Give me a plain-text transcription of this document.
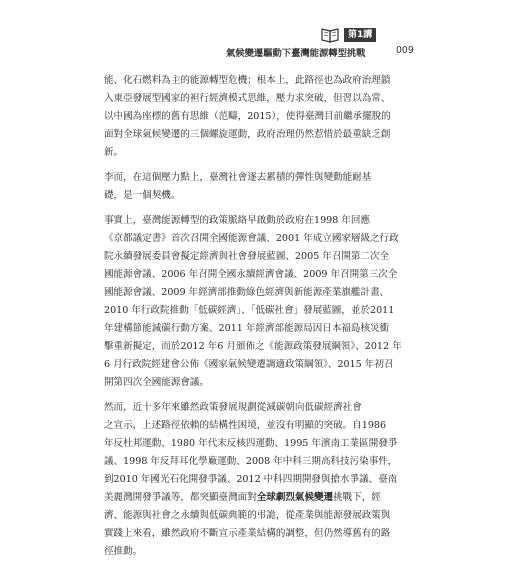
第1講
氣候變遷驅動下臺灣能源轉型挑戰	009

能、化石燃料為主的能源轉型危機；根本上，此路徑也為政府治理鎖
入東亞發展型國家的袒行經濟模式思維，壓力求突破，但習以為常、
以中國為座標的舊有思維（范疇，2015），使得臺灣目前繼承擺脫的
面對全球氣候變遷的三個螺旋運動，政府治理仍然惹惜於最重缺乏創
新。

李而，在這個壓力點上，臺灣社會逐去累積的彈性與變動能耐基
礎，是一個契機。

事實上，臺灣能源轉型的政策脈絡早啟動於政府在1998 年回應
《京都議定書》首次召開全國能源會議、2001 年成立國家層級之行政
院永續發展委員會擬定經濟與社會發展藍圖、2005 年召開第二次全
國能源會議、2006 年召開全國永續經濟會議、2009 年召開第三次全
國能源會議、2009 年經濟部推動綠色經濟與新能源產業旗艦計畫、
2010 年行政院推動「低碳經濟」、「低碳社會」發展藍圖，並於2011
年建構節能減碳行動方案、2011 年經濟部能源局因日本福島核災衝
擊重新擬定，而於2012 年6 月頒佈之《能源政策發展綱領》、2012 年
6 月行政院經建會公佈《國家氣候變遷調適政策綱領》、2015 年初召
開第四次全國能源會議。

然而，近十多年來雖然政策發展規劃從減碳朝向低碳經濟社會
之宣示，上述路徑依賴的結構性困境，並沒有明顯的突破。自1986
年反杜邦運動、1980 年代末反核四運動、1995 年濱南工業區開發爭
議、1998 年反拜耳化學廠運動、2008 年中科三期高科技污染事件，
到2010 年國光石化開發爭議、2012 中科四期開發與搶水爭議、臺南
美麗灣開發爭議等，都突顯臺灣面對全球劇烈氣候變遷挑戰下，經
濟、能源與社會之永續與低碳典範的弔詭，從產業與能源發展政策與
實踐上來看，雖然政府不斷宣示產業結構的調整，但仍然導舊有的路
徑推動。
